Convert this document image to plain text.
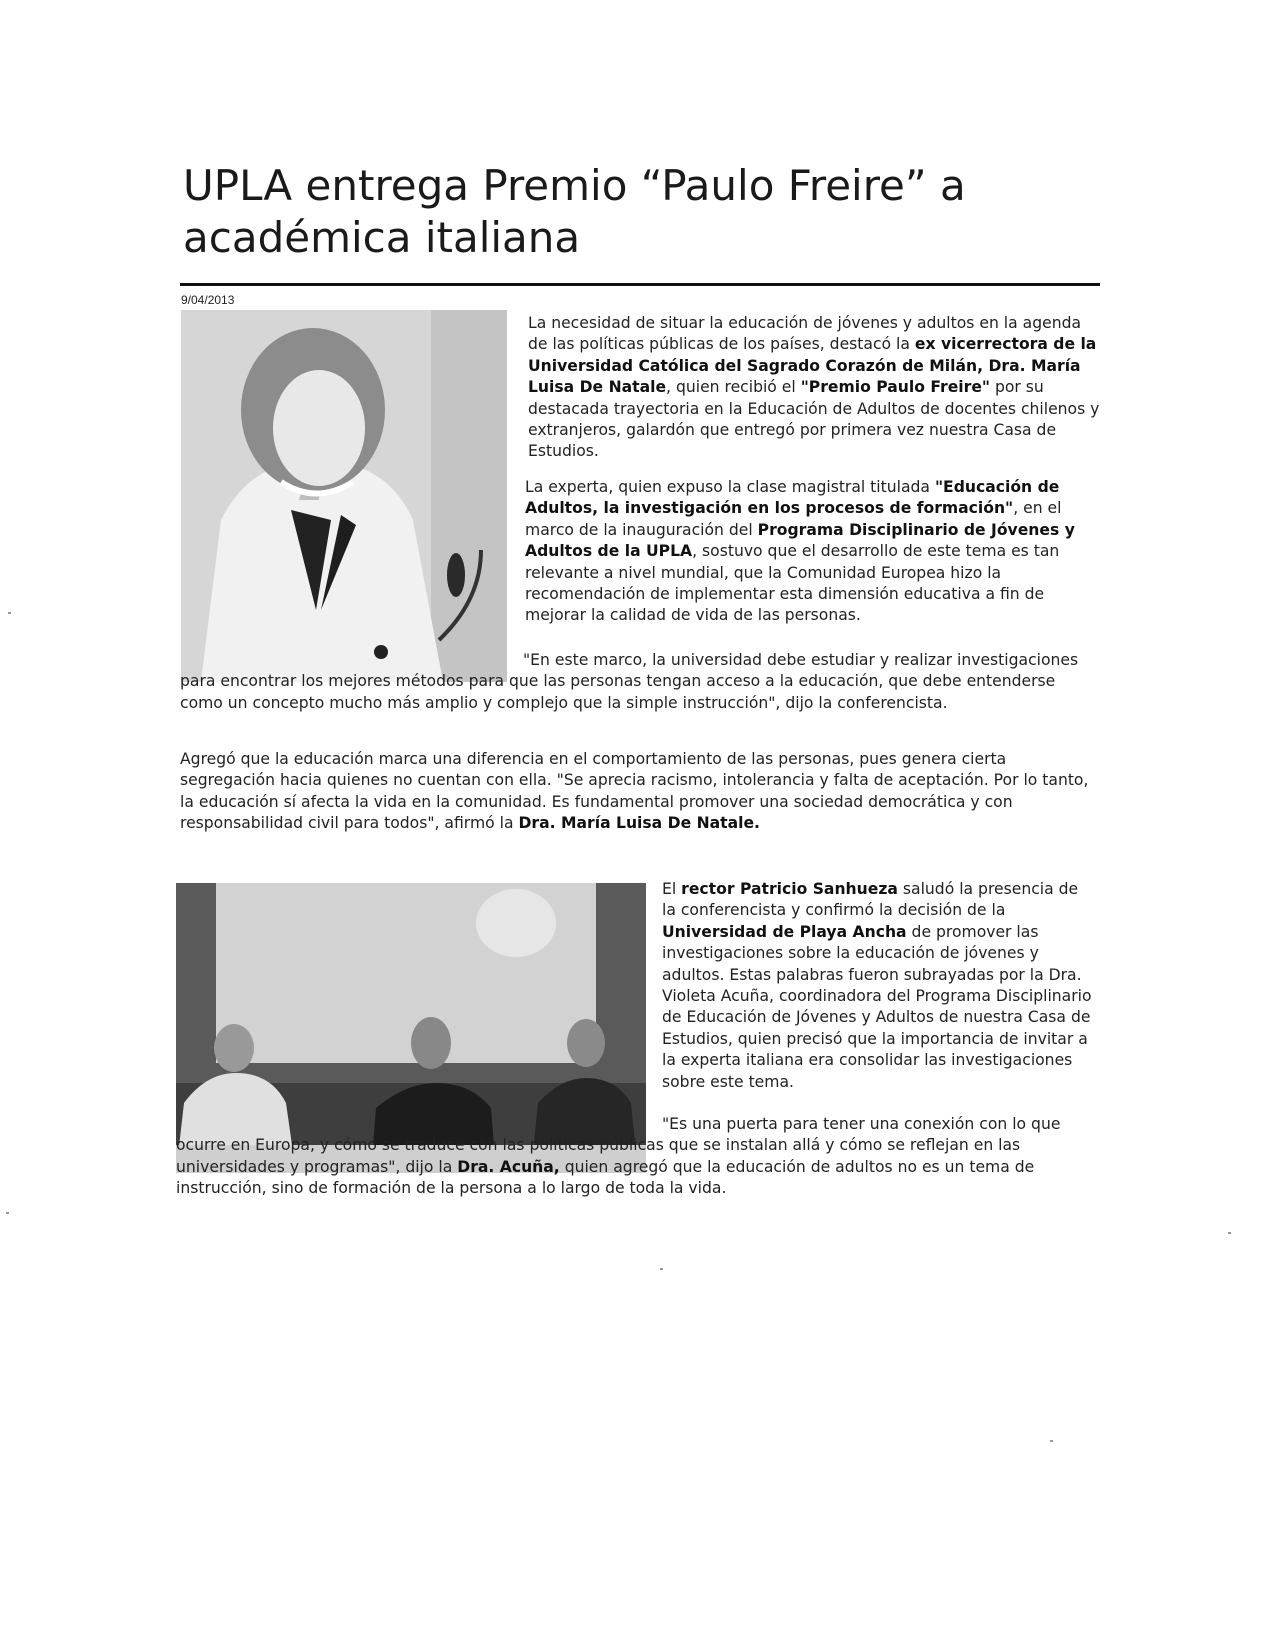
UPLA entrega Premio “Paulo Freire” a académica italiana
9/04/2013

La necesidad de situar la educación de jóvenes y adultos en la agenda de las políticas públicas de los países, destacó la ex vicerrectora de la Universidad Católica del Sagrado Corazón de Milán, Dra. María Luisa De Natale, quien recibió el "Premio Paulo Freire" por su destacada trayectoria en la Educación de Adultos de docentes chilenos y extranjeros, galardón que entregó por primera vez nuestra Casa de Estudios.

La experta, quien expuso la clase magistral titulada "Educación de Adultos, la investigación en los procesos de formación", en el marco de la inauguración del Programa Disciplinario de Jóvenes y Adultos de la UPLA, sostuvo que el desarrollo de este tema es tan relevante a nivel mundial, que la Comunidad Europea hizo la recomendación de implementar esta dimensión educativa a fin de mejorar la calidad de vida de las personas.

"En este marco, la universidad debe estudiar y realizar investigaciones para encontrar los mejores métodos para que las personas tengan acceso a la educación, que debe entenderse como un concepto mucho más amplio y complejo que la simple instrucción", dijo la conferencista.

Agregó que la educación marca una diferencia en el comportamiento de las personas, pues genera cierta segregación hacia quienes no cuentan con ella. "Se aprecia racismo, intolerancia y falta de aceptación. Por lo tanto, la educación sí afecta la vida en la comunidad. Es fundamental promover una sociedad democrática y con responsabilidad civil para todos", afirmó la Dra. María Luisa De Natale.

El rector Patricio Sanhueza saludó la presencia de la conferencista y confirmó la decisión de la Universidad de Playa Ancha de promover las investigaciones sobre la educación de jóvenes y adultos. Estas palabras fueron subrayadas por la Dra. Violeta Acuña, coordinadora del Programa Disciplinario de Educación de Jóvenes y Adultos de nuestra Casa de Estudios, quien precisó que la importancia de invitar a la experta italiana era consolidar las investigaciones sobre este tema.

"Es una puerta para tener una conexión con lo que ocurre en Europa, y cómo se traduce con las políticas públicas que se instalan allá y cómo se reflejan en las universidades y programas", dijo la Dra. Acuña, quien agregó que la educación de adultos no es un tema de instrucción, sino de formación de la persona a lo largo de toda la vida.
